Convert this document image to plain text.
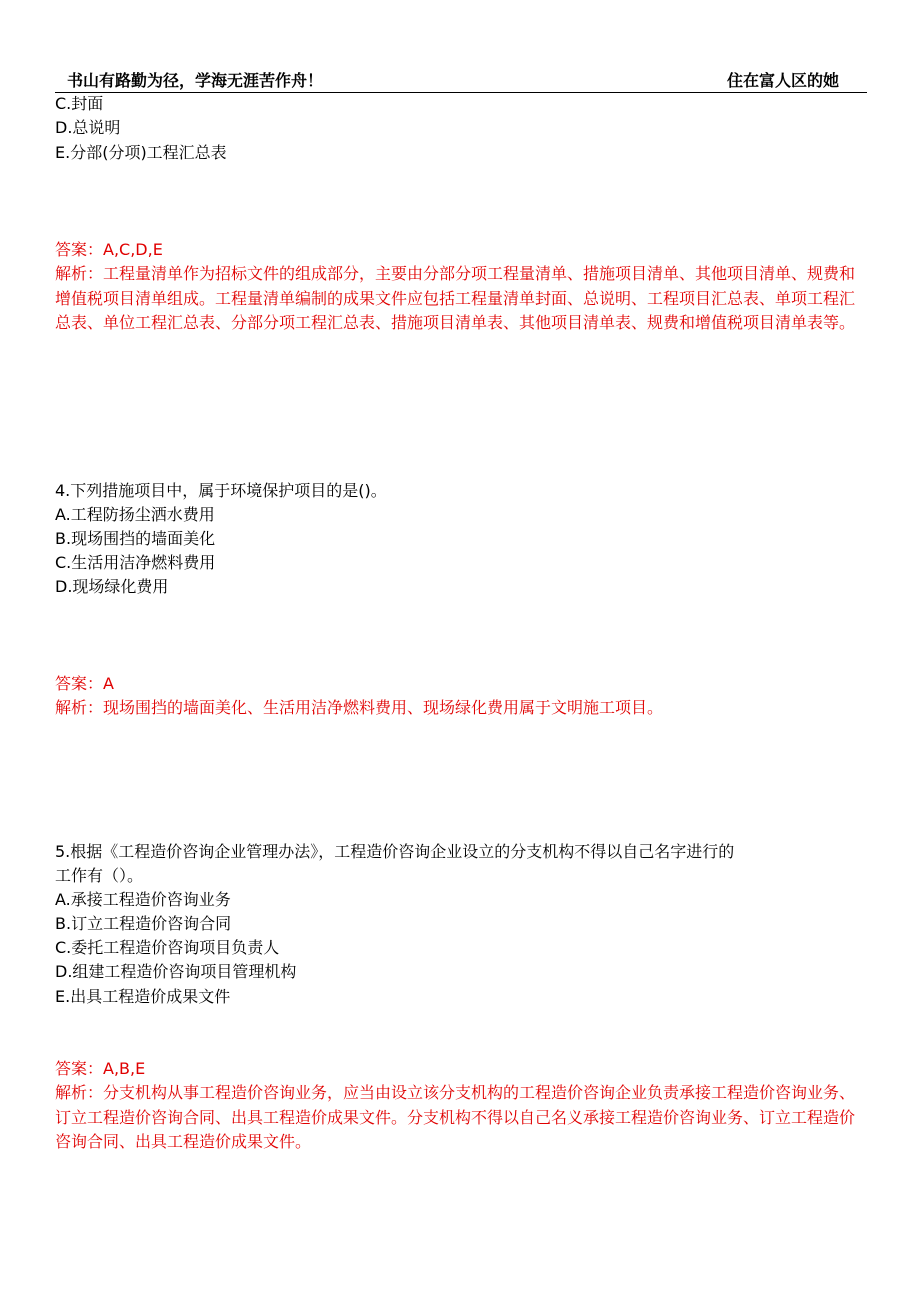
书山有路勤为径，学海无涯苦作舟！	住在富人区的她
C.封面
D.总说明
E.分部(分项)工程汇总表
答案：A,C,D,E
解析：工程量清单作为招标文件的组成部分，主要由分部分项工程量清单、措施项目清单、其他项目清单、规费和增值税项目清单组成。工程量清单编制的成果文件应包括工程量清单封面、总说明、工程项目汇总表、单项工程汇总表、单位工程汇总表、分部分项工程汇总表、措施项目清单表、其他项目清单表、规费和增值税项目清单表等。
4.下列措施项目中，属于环境保护项目的是()。
A.工程防扬尘洒水费用
B.现场围挡的墙面美化
C.生活用洁净燃料费用
D.现场绿化费用
答案：A
解析：现场围挡的墙面美化、生活用洁净燃料费用、现场绿化费用属于文明施工项目。
5.根据《工程造价咨询企业管理办法》，工程造价咨询企业设立的分支机构不得以自己名字进行的
工作有（）。
A.承接工程造价咨询业务
B.订立工程造价咨询合同
C.委托工程造价咨询项目负责人
D.组建工程造价咨询项目管理机构
E.出具工程造价成果文件
答案：A,B,E
解析：分支机构从事工程造价咨询业务，应当由设立该分支机构的工程造价咨询企业负责承接工程造价咨询业务、订立工程造价咨询合同、出具工程造价成果文件。分支机构不得以自己名义承接工程造价咨询业务、订立工程造价咨询合同、出具工程造价成果文件。
